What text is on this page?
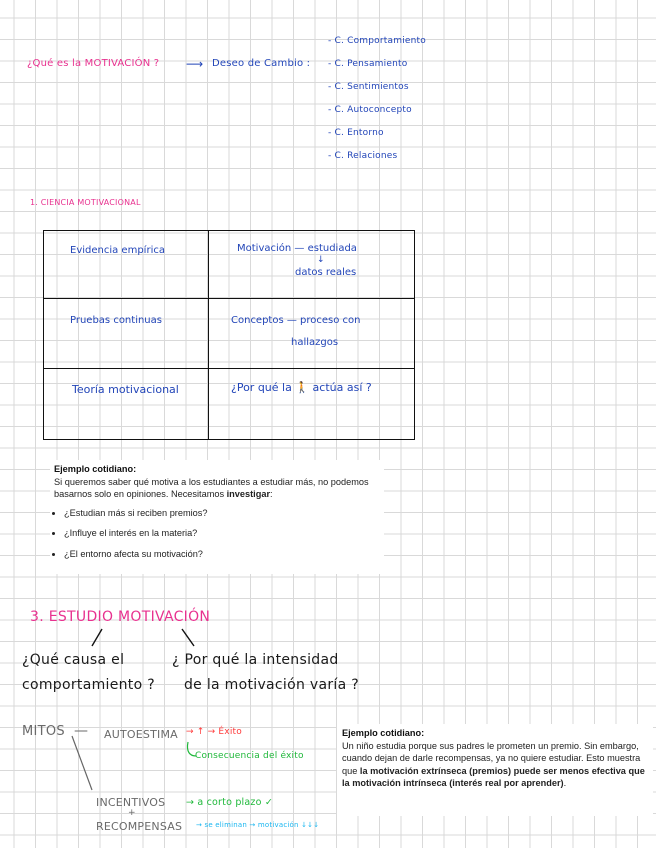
¿Qué es la MOTIVACIÓN ? ⟶ Deseo de Cambio :
- C. Comportamiento
- C. Pensamiento
- C. Sentimientos
- C. Autoconcepto
- C. Entorno
- C. Relaciones
1. CIENCIA MOTIVACIONAL
Evidencia empírica	Motivación — estudiada
↓
datos reales
Pruebas continuas	Conceptos — proceso con
hallazgos
Teoría motivacional	¿Por qué la 🚶 actúa así ?
Ejemplo cotidiano:
Si queremos saber qué motiva a los estudiantes a estudiar más, no podemos basarnos solo en opiniones. Necesitamos investigar:
• ¿Estudian más si reciben premios?
• ¿Influye el interés en la materia?
• ¿El entorno afecta su motivación?
3. ESTUDIO MOTIVACIÓN
¿Qué causa el
comportamiento ?
¿ Por qué la intensidad
de la motivación varía ?
MITOS — AUTOESTIMA → ↑ → Éxito
Consecuencia del éxito
INCENTIVOS
+
RECOMPENSAS
→ a corto plazo ✓
→ se eliminan → motivación ↓↓↓
Ejemplo cotidiano:
Un niño estudia porque sus padres le prometen un premio. Sin embargo, cuando dejan de darle recompensas, ya no quiere estudiar. Esto muestra que la motivación extrínseca (premios) puede ser menos efectiva que la motivación intrínseca (interés real por aprender).
